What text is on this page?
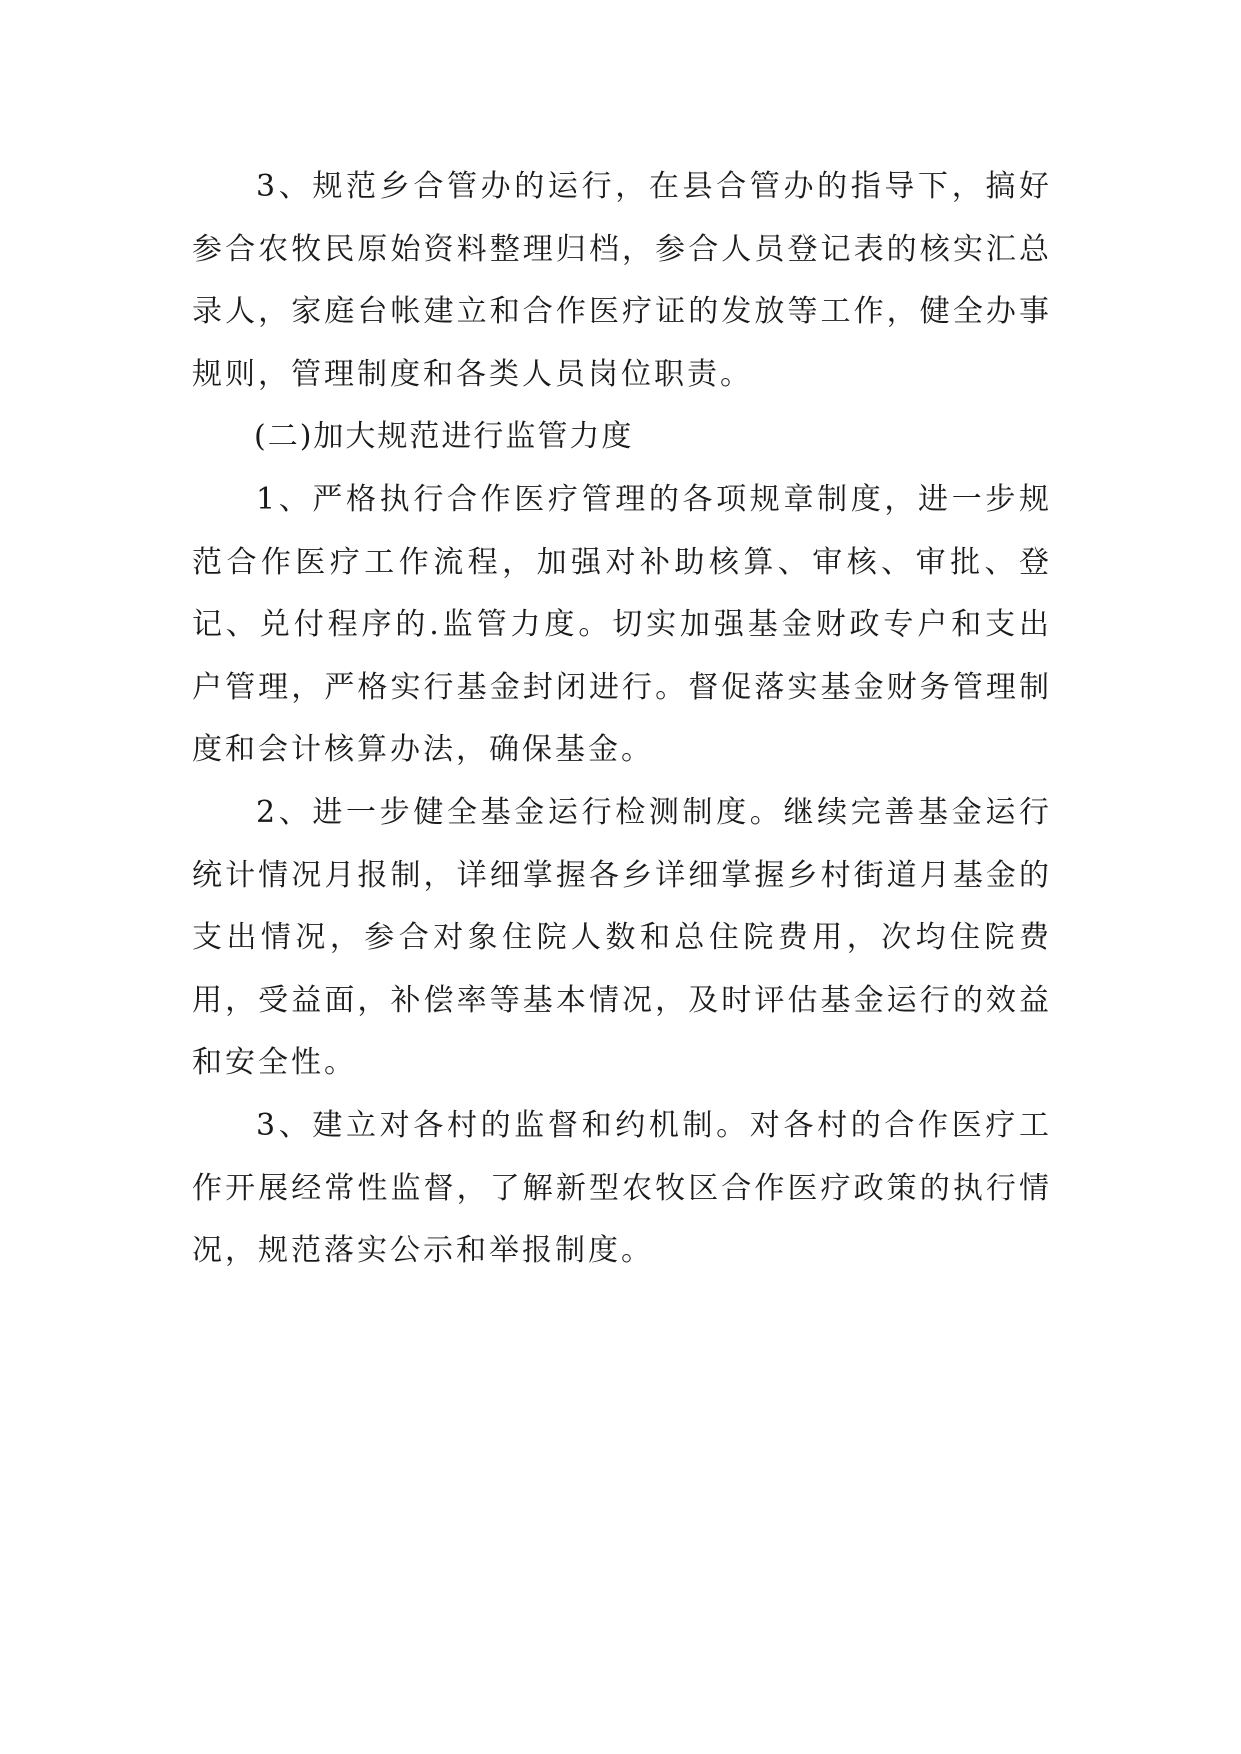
3、规范乡合管办的运行，在县合管办的指导下，搞好参合农牧民原始资料整理归档，参合人员登记表的核实汇总录人，家庭台帐建立和合作医疗证的发放等工作，健全办事规则，管理制度和各类人员岗位职责。

(二)加大规范进行监管力度

1、严格执行合作医疗管理的各项规章制度，进一步规范合作医疗工作流程，加强对补助核算、审核、审批、登记、兑付程序的.监管力度。切实加强基金财政专户和支出户管理，严格实行基金封闭进行。督促落实基金财务管理制度和会计核算办法，确保基金。

2、进一步健全基金运行检测制度。继续完善基金运行统计情况月报制，详细掌握各乡详细掌握乡村街道月基金的支出情况，参合对象住院人数和总住院费用，次均住院费用，受益面，补偿率等基本情况，及时评估基金运行的效益和安全性。

3、建立对各村的监督和约机制。对各村的合作医疗工作开展经常性监督，了解新型农牧区合作医疗政策的执行情况，规范落实公示和举报制度。
